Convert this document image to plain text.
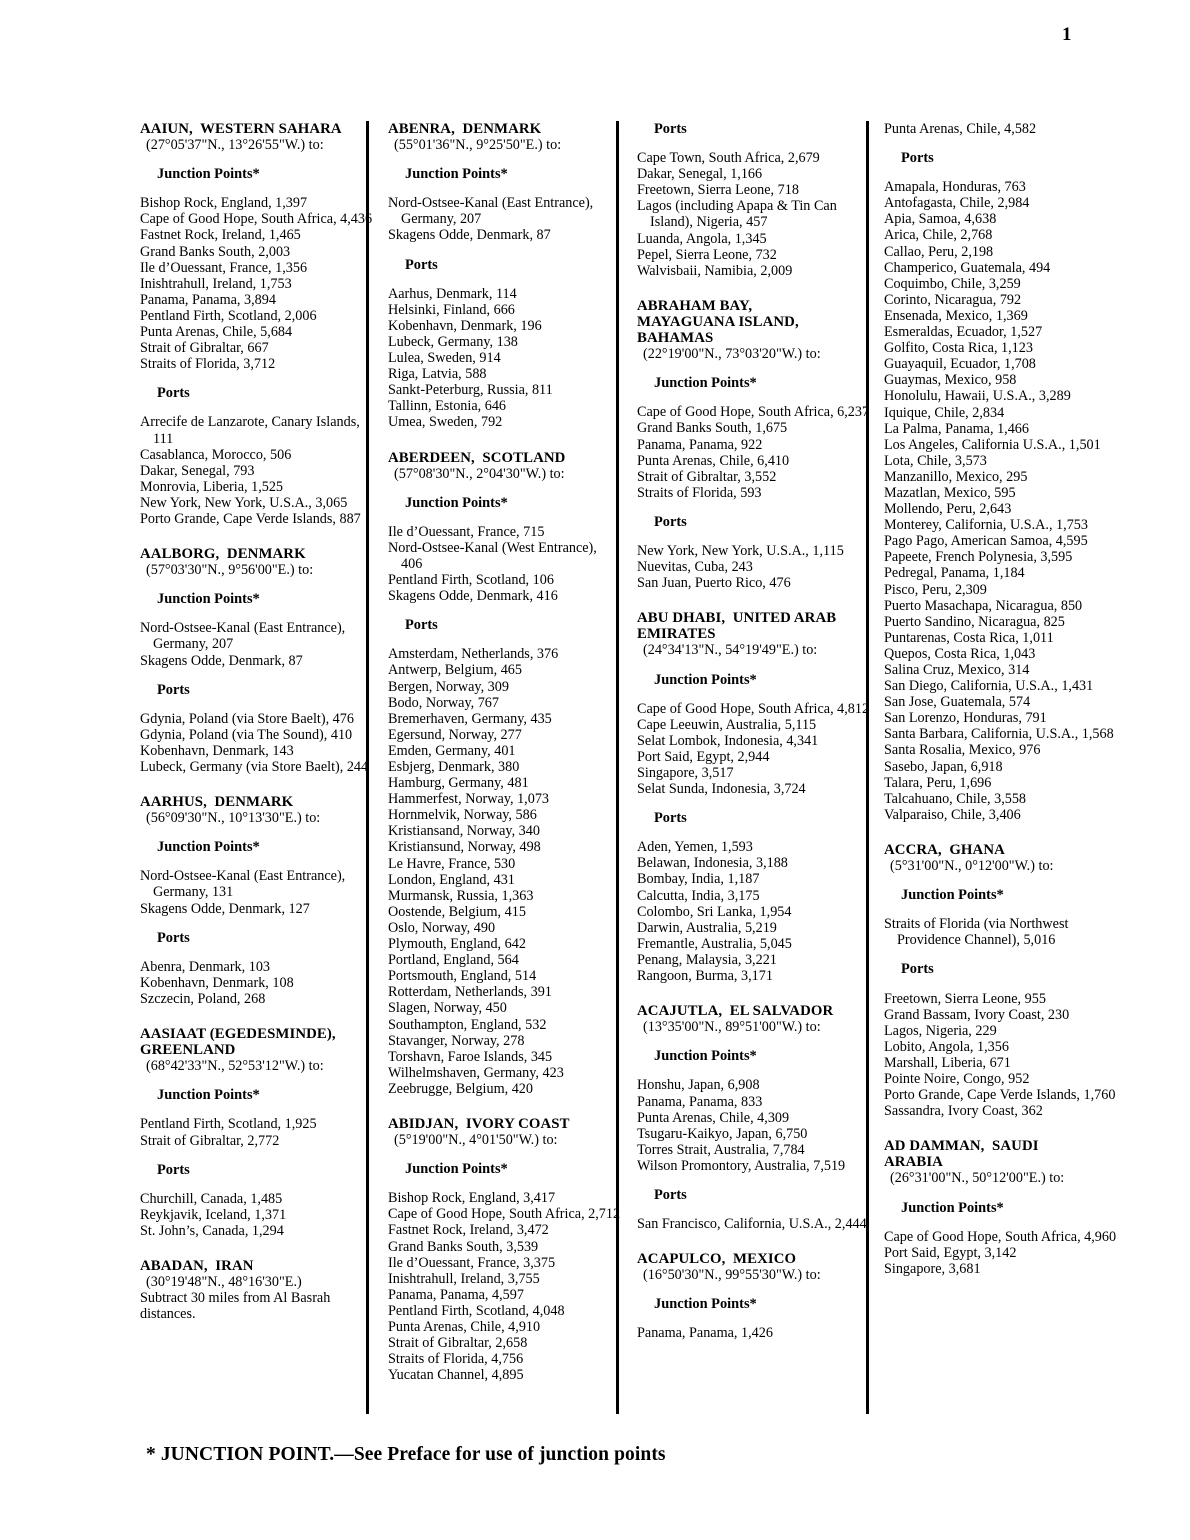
1
AAIUN,  WESTERN SAHARA
(27°05'37"N., 13°26'55"W.) to:
Junction Points*
Bishop Rock, England, 1,397
Cape of Good Hope, South Africa, 4,436
Fastnet Rock, Ireland, 1,465
Grand Banks South, 2,003
Ile d’Ouessant, France, 1,356
Inishtrahull, Ireland, 1,753
Panama, Panama, 3,894
Pentland Firth, Scotland, 2,006
Punta Arenas, Chile, 5,684
Strait of Gibraltar, 667
Straits of Florida, 3,712
Ports
Arrecife de Lanzarote, Canary Islands, 111
Casablanca, Morocco, 506
Dakar, Senegal, 793
Monrovia, Liberia, 1,525
New York, New York, U.S.A., 3,065
Porto Grande, Cape Verde Islands, 887
AALBORG,  DENMARK
(57°03'30"N., 9°56'00"E.) to:
Junction Points*
Nord-Ostsee-Kanal (East Entrance), Germany, 207
Skagens Odde, Denmark, 87
Ports
Gdynia, Poland (via Store Baelt), 476
Gdynia, Poland (via The Sound), 410
Kobenhavn, Denmark, 143
Lubeck, Germany (via Store Baelt), 244
AARHUS,  DENMARK
(56°09'30"N., 10°13'30"E.) to:
Junction Points*
Nord-Ostsee-Kanal (East Entrance), Germany, 131
Skagens Odde, Denmark, 127
Ports
Abenra, Denmark, 103
Kobenhavn, Denmark, 108
Szczecin, Poland, 268
AASIAAT (EGEDESMINDE),
GREENLAND
(68°42'33"N., 52°53'12"W.) to:
Junction Points*
Pentland Firth, Scotland, 1,925
Strait of Gibraltar, 2,772
Ports
Churchill, Canada, 1,485
Reykjavik, Iceland, 1,371
St. John’s, Canada, 1,294
ABADAN,  IRAN
(30°19'48"N., 48°16'30"E.)
Subtract 30 miles from Al Basrah distances.
ABENRA,  DENMARK
(55°01'36"N., 9°25'50"E.) to:
Junction Points*
Nord-Ostsee-Kanal (East Entrance), Germany, 207
Skagens Odde, Denmark, 87
Ports
Aarhus, Denmark, 114
Helsinki, Finland, 666
Kobenhavn, Denmark, 196
Lubeck, Germany, 138
Lulea, Sweden, 914
Riga, Latvia, 588
Sankt-Peterburg, Russia, 811
Tallinn, Estonia, 646
Umea, Sweden, 792
ABERDEEN,  SCOTLAND
(57°08'30"N., 2°04'30"W.) to:
Junction Points*
Ile d’Ouessant, France, 715
Nord-Ostsee-Kanal (West Entrance), 406
Pentland Firth, Scotland, 106
Skagens Odde, Denmark, 416
Ports
Amsterdam, Netherlands, 376
Antwerp, Belgium, 465
Bergen, Norway, 309
Bodo, Norway, 767
Bremerhaven, Germany, 435
Egersund, Norway, 277
Emden, Germany, 401
Esbjerg, Denmark, 380
Hamburg, Germany, 481
Hammerfest, Norway, 1,073
Hornmelvik, Norway, 586
Kristiansand, Norway, 340
Kristiansund, Norway, 498
Le Havre, France, 530
London, England, 431
Murmansk, Russia, 1,363
Oostende, Belgium, 415
Oslo, Norway, 490
Plymouth, England, 642
Portland, England, 564
Portsmouth, England, 514
Rotterdam, Netherlands, 391
Slagen, Norway, 450
Southampton, England, 532
Stavanger, Norway, 278
Torshavn, Faroe Islands, 345
Wilhelmshaven, Germany, 423
Zeebrugge, Belgium, 420
ABIDJAN,  IVORY COAST
(5°19'00"N., 4°01'50"W.) to:
Junction Points*
Bishop Rock, England, 3,417
Cape of Good Hope, South Africa, 2,712
Fastnet Rock, Ireland, 3,472
Grand Banks South, 3,539
Ile d’Ouessant, France, 3,375
Inishtrahull, Ireland, 3,755
Panama, Panama, 4,597
Pentland Firth, Scotland, 4,048
Punta Arenas, Chile, 4,910
Strait of Gibraltar, 2,658
Straits of Florida, 4,756
Yucatan Channel, 4,895
Ports
Cape Town, South Africa, 2,679
Dakar, Senegal, 1,166
Freetown, Sierra Leone, 718
Lagos (including Apapa & Tin Can Island), Nigeria, 457
Luanda, Angola, 1,345
Pepel, Sierra Leone, 732
Walvisbaii, Namibia, 2,009
ABRAHAM BAY,
MAYAGUANA ISLAND,
BAHAMAS
(22°19'00"N., 73°03'20"W.) to:
Junction Points*
Cape of Good Hope, South Africa, 6,237
Grand Banks South, 1,675
Panama, Panama, 922
Punta Arenas, Chile, 6,410
Strait of Gibraltar, 3,552
Straits of Florida, 593
Ports
New York, New York, U.S.A., 1,115
Nuevitas, Cuba, 243
San Juan, Puerto Rico, 476
ABU DHABI,  UNITED ARAB
EMIRATES
(24°34'13"N., 54°19'49"E.) to:
Junction Points*
Cape of Good Hope, South Africa, 4,812
Cape Leeuwin, Australia, 5,115
Selat Lombok, Indonesia, 4,341
Port Said, Egypt, 2,944
Singapore, 3,517
Selat Sunda, Indonesia, 3,724
Ports
Aden, Yemen, 1,593
Belawan, Indonesia, 3,188
Bombay, India, 1,187
Calcutta, India, 3,175
Colombo, Sri Lanka, 1,954
Darwin, Australia, 5,219
Fremantle, Australia, 5,045
Penang, Malaysia, 3,221
Rangoon, Burma, 3,171
ACAJUTLA,  EL SALVADOR
(13°35'00"N., 89°51'00"W.) to:
Junction Points*
Honshu, Japan, 6,908
Panama, Panama, 833
Punta Arenas, Chile, 4,309
Tsugaru-Kaikyo, Japan, 6,750
Torres Strait, Australia, 7,784
Wilson Promontory, Australia, 7,519
Ports
San Francisco, California, U.S.A., 2,444
ACAPULCO,  MEXICO
(16°50'30"N., 99°55'30"W.) to:
Junction Points*
Panama, Panama, 1,426
Punta Arenas, Chile, 4,582
Ports
Amapala, Honduras, 763
Antofagasta, Chile, 2,984
Apia, Samoa, 4,638
Arica, Chile, 2,768
Callao, Peru, 2,198
Champerico, Guatemala, 494
Coquimbo, Chile, 3,259
Corinto, Nicaragua, 792
Ensenada, Mexico, 1,369
Esmeraldas, Ecuador, 1,527
Golfito, Costa Rica, 1,123
Guayaquil, Ecuador, 1,708
Guaymas, Mexico, 958
Honolulu, Hawaii, U.S.A., 3,289
Iquique, Chile, 2,834
La Palma, Panama, 1,466
Los Angeles, California U.S.A., 1,501
Lota, Chile, 3,573
Manzanillo, Mexico, 295
Mazatlan, Mexico, 595
Mollendo, Peru, 2,643
Monterey, California, U.S.A., 1,753
Pago Pago, American Samoa, 4,595
Papeete, French Polynesia, 3,595
Pedregal, Panama, 1,184
Pisco, Peru, 2,309
Puerto Masachapa, Nicaragua, 850
Puerto Sandino, Nicaragua, 825
Puntarenas, Costa Rica, 1,011
Quepos, Costa Rica, 1,043
Salina Cruz, Mexico, 314
San Diego, California, U.S.A., 1,431
San Jose, Guatemala, 574
San Lorenzo, Honduras, 791
Santa Barbara, California, U.S.A., 1,568
Santa Rosalia, Mexico, 976
Sasebo, Japan, 6,918
Talara, Peru, 1,696
Talcahuano, Chile, 3,558
Valparaiso, Chile, 3,406
ACCRA,  GHANA
(5°31'00"N., 0°12'00"W.) to:
Junction Points*
Straits of Florida (via Northwest Providence Channel), 5,016
Ports
Freetown, Sierra Leone, 955
Grand Bassam, Ivory Coast, 230
Lagos, Nigeria, 229
Lobito, Angola, 1,356
Marshall, Liberia, 671
Pointe Noire, Congo, 952
Porto Grande, Cape Verde Islands, 1,760
Sassandra, Ivory Coast, 362
AD DAMMAN,  SAUDI
ARABIA
(26°31'00"N., 50°12'00"E.) to:
Junction Points*
Cape of Good Hope, South Africa, 4,960
Port Said, Egypt, 3,142
Singapore, 3,681
* JUNCTION POINT.—See Preface for use of junction points
